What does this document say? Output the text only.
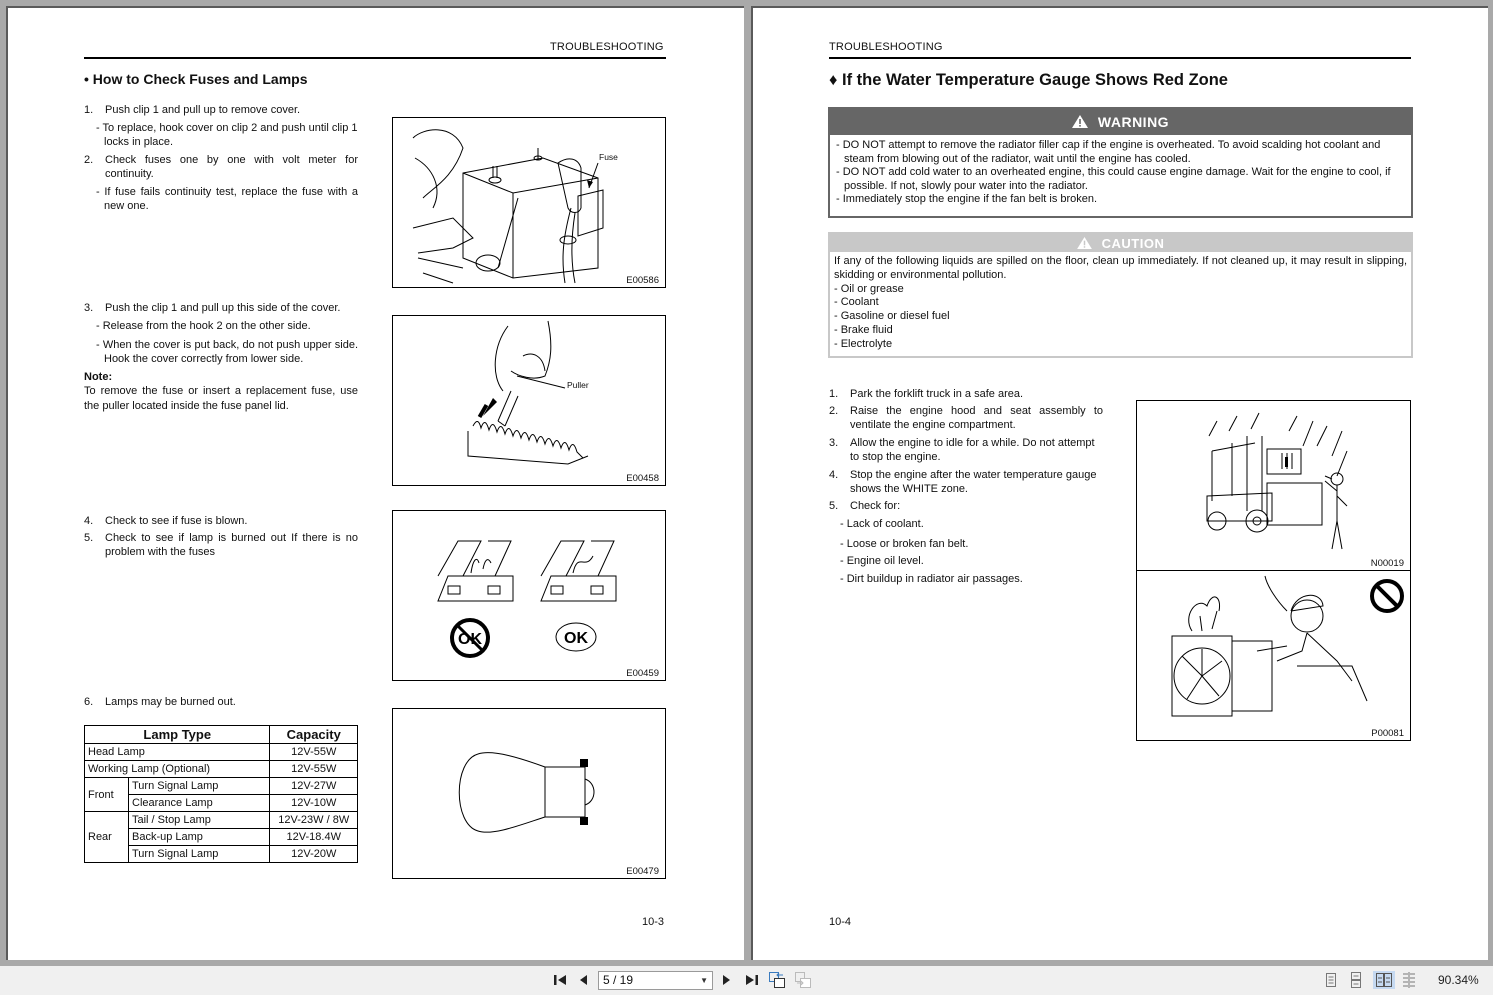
TROUBLESHOOTING
• How to Check Fuses and Lamps
1.	Push clip 1 and pull up to remove cover.
- To replace, hook cover on clip 2 and push until clip 1 locks in place.
2.	Check fuses one by one with volt meter for continuity.
- If fuse fails continuity test, replace the fuse with a new one.
Fuse
E00586
3.	Push the clip 1 and pull up this side of the cover.
- Release from the hook 2 on the other side.
- When the cover is put back, do not push upper side. Hook the cover correctly from lower side.
Note:
To remove the fuse or insert a replacement fuse, use the puller located inside the fuse panel lid.
Puller
E00458
4.	Check to see if fuse is blown.
5.	Check to see if lamp is burned out If there is no problem with the fuses
OK	OK
E00459
6.	Lamps may be burned out.
Lamp Type		Capacity
Head Lamp		12V-55W
Working Lamp (Optional)		12V-55W
Front	Turn Signal Lamp	12V-27W
	Clearance Lamp	12V-10W
Rear	Tail / Stop Lamp	12V-23W / 8W
	Back-up Lamp	12V-18.4W
	Turn Signal Lamp	12V-20W
E00479
10-3
TROUBLESHOOTING
♦ If the Water Temperature Gauge Shows Red Zone
WARNING
- DO NOT attempt to remove the radiator filler cap if the engine is overheated. To avoid scalding hot coolant and steam from blowing out of the radiator, wait until the engine has cooled.
- DO NOT add cold water to an overheated engine, this could cause engine damage. Wait for the engine to cool, if possible. If not, slowly pour water into the radiator.
- Immediately stop the engine if the fan belt is broken.
CAUTION
If any of the following liquids are spilled on the floor, clean up immediately. If not cleaned up, it may result in slipping, skidding or environmental pollution.
- Oil or grease
- Coolant
- Gasoline or diesel fuel
- Brake fluid
- Electrolyte
1.	Park the forklift truck in a safe area.
2.	Raise the engine hood and seat assembly to ventilate the engine compartment.
3.	Allow the engine to idle for a while. Do not attempt to stop the engine.
4.	Stop the engine after the water temperature gauge shows the WHITE zone.
5.	Check for:
- Lack of coolant.
- Loose or broken fan belt.
- Engine oil level.
- Dirt buildup in radiator air passages.
N00019
P00081
10-4
5 / 19	▼	90.34%
